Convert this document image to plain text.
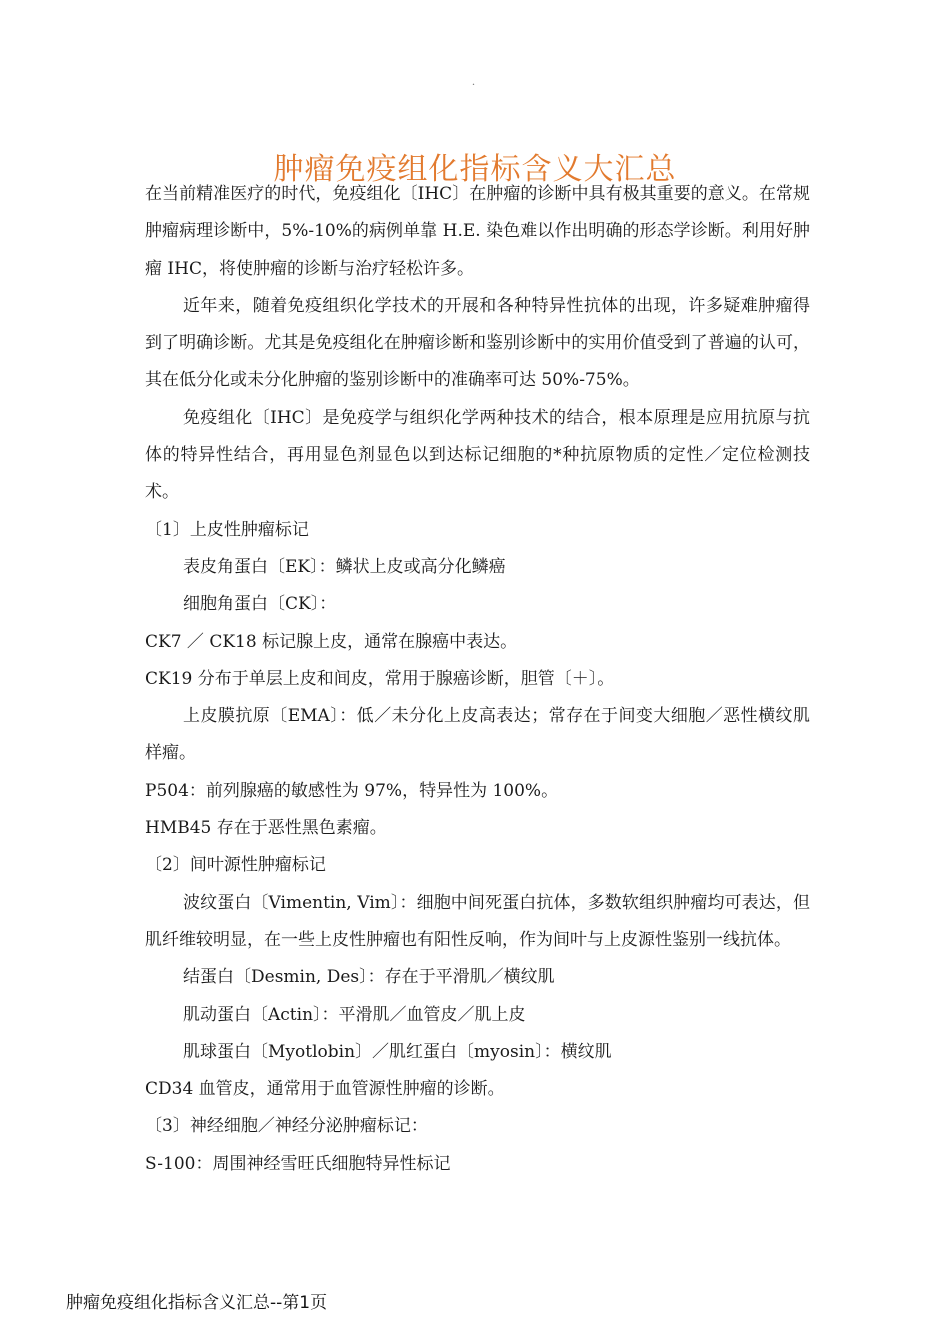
.
肿瘤免疫组化指标含义大汇总

在当前精准医疗的时代，免疫组化〔IHC〕在肿瘤的诊断中具有极其重要的意义。在常规肿瘤病理诊断中，5%-10%的病例单靠 H.E. 染色难以作出明确的形态学诊断。利用好肿瘤 IHC，将使肿瘤的诊断与治疗轻松许多。

近年来，随着免疫组织化学技术的开展和各种特异性抗体的出现，许多疑难肿瘤得到了明确诊断。尤其是免疫组化在肿瘤诊断和鉴别诊断中的实用价值受到了普遍的认可，其在低分化或未分化肿瘤的鉴别诊断中的准确率可达 50%-75%。

免疫组化〔IHC〕是免疫学与组织化学两种技术的结合，根本原理是应用抗原与抗体的特异性结合，再用显色剂显色以到达标记细胞的*种抗原物质的定性／定位检测技术。

〔1〕上皮性肿瘤标记

表皮角蛋白〔EK〕：鳞状上皮或高分化鳞癌

细胞角蛋白〔CK〕：

CK7 ／ CK18 标记腺上皮，通常在腺癌中表达。

CK19 分布于单层上皮和间皮，常用于腺癌诊断，胆管〔＋〕。

上皮膜抗原〔EMA〕：低／未分化上皮高表达；常存在于间变大细胞／恶性横纹肌样瘤。

P504：前列腺癌的敏感性为 97%，特异性为 100%。

HMB45 存在于恶性黑色素瘤。

〔2〕间叶源性肿瘤标记

波纹蛋白〔Vimentin, Vim〕：细胞中间死蛋白抗体，多数软组织肿瘤均可表达，但肌纤维较明显，在一些上皮性肿瘤也有阳性反响，作为间叶与上皮源性鉴别一线抗体。

结蛋白〔Desmin, Des〕：存在于平滑肌／横纹肌

肌动蛋白〔Actin〕：平滑肌／血管皮／肌上皮

肌球蛋白〔Myotlobin〕／肌红蛋白〔myosin〕：横纹肌

CD34 血管皮，通常用于血管源性肿瘤的诊断。

〔3〕神经细胞／神经分泌肿瘤标记：

S-100：周围神经雪旺氏细胞特异性标记

肿瘤免疫组化指标含义汇总--第1页
